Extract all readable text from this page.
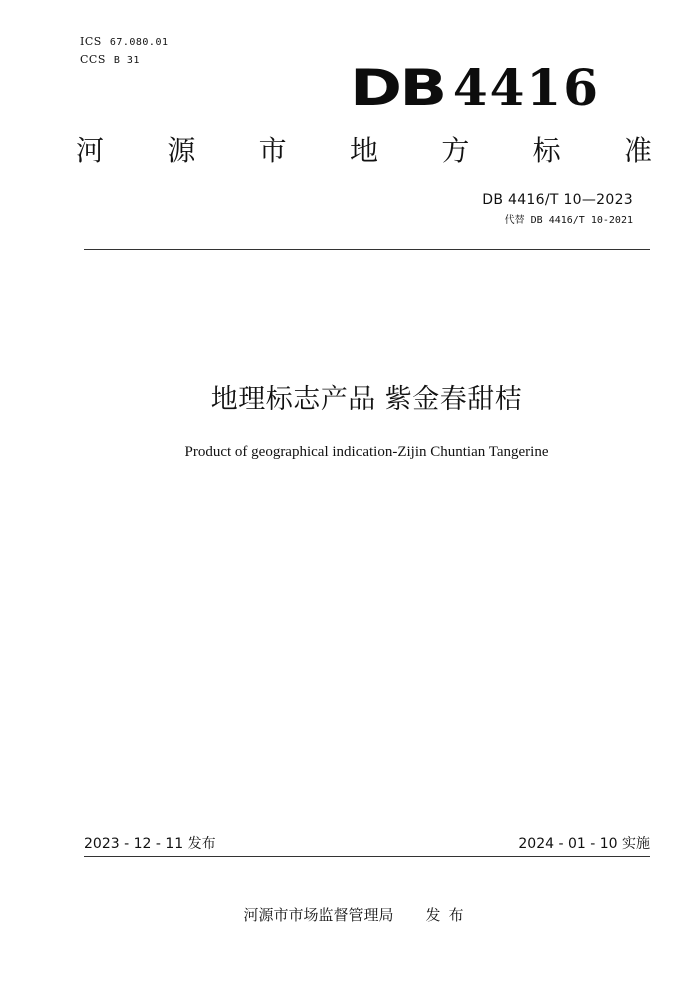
ICS 67.080.01
CCS B 31	DB 4416
河 源 市 地 方 标 准
DB 4416/T 10—2023
代替 DB 4416/T 10-2021
地理标志产品 紫金春甜桔
Product of geographical indication-Zijin Chuntian Tangerine
2023 - 12 - 11 发布	2024 - 01 - 10 实施
河源市市场监督管理局 发布
